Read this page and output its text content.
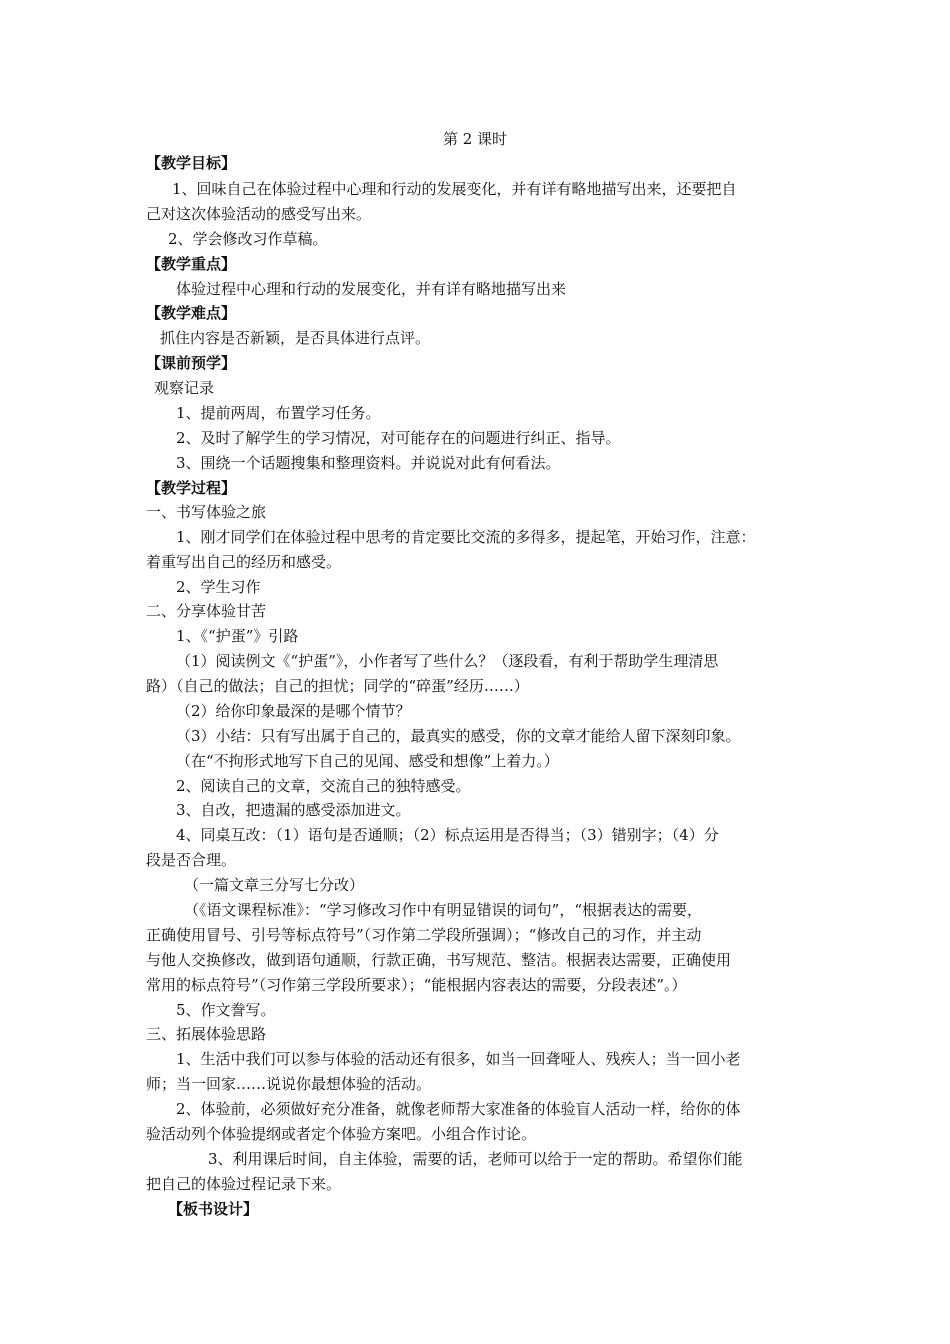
第 2 课时
【教学目标】
1、回味自己在体验过程中心理和行动的发展变化，并有详有略地描写出来，还要把自
己对这次体验活动的感受写出来。
2、学会修改习作草稿。
【教学重点】
体验过程中心理和行动的发展变化，并有详有略地描写出来
【教学难点】
抓住内容是否新颖，是否具体进行点评。
【课前预学】
观察记录
1、提前两周，布置学习任务。
2、及时了解学生的学习情况，对可能存在的问题进行纠正、指导。
3、围绕一个话题搜集和整理资料。并说说对此有何看法。
【教学过程】
一、书写体验之旅
1、刚才同学们在体验过程中思考的肯定要比交流的多得多，提起笔，开始习作，注意：
着重写出自己的经历和感受。
2、学生习作
二、分享体验甘苦
1、《“护蛋”》引路
（1）阅读例文《“护蛋”》，小作者写了些什么？（逐段看，有利于帮助学生理清思
路）（自己的做法；自己的担忧；同学的“碎蛋”经历……）
（2）给你印象最深的是哪个情节？
（3）小结：只有写出属于自己的，最真实的感受，你的文章才能给人留下深刻印象。
（在“不拘形式地写下自己的见闻、感受和想像”上着力。）
2、阅读自己的文章，交流自己的独特感受。
3、自改，把遗漏的感受添加进文。
4、同桌互改：（1）语句是否通顺；（2）标点运用是否得当；（3）错别字；（4）分
段是否合理。
（一篇文章三分写七分改）
（《语文课程标准》：“学习修改习作中有明显错误的词句”，“根据表达的需要，
正确使用冒号、引号等标点符号”（习作第二学段所强调）；“修改自己的习作，并主动
与他人交换修改，做到语句通顺，行款正确，书写规范、整洁。根据表达需要，正确使用
常用的标点符号”（习作第三学段所要求）；“能根据内容表达的需要，分段表述”。）
5、作文誊写。
三、拓展体验思路
1、生活中我们可以参与体验的活动还有很多，如当一回聋哑人、残疾人；当一回小老
师；当一回家……说说你最想体验的活动。
2、体验前，必须做好充分准备，就像老师帮大家准备的体验盲人活动一样，给你的体
验活动列个体验提纲或者定个体验方案吧。小组合作讨论。
3、利用课后时间，自主体验，需要的话，老师可以给于一定的帮助。希望你们能
把自己的体验过程记录下来。
【板书设计】
